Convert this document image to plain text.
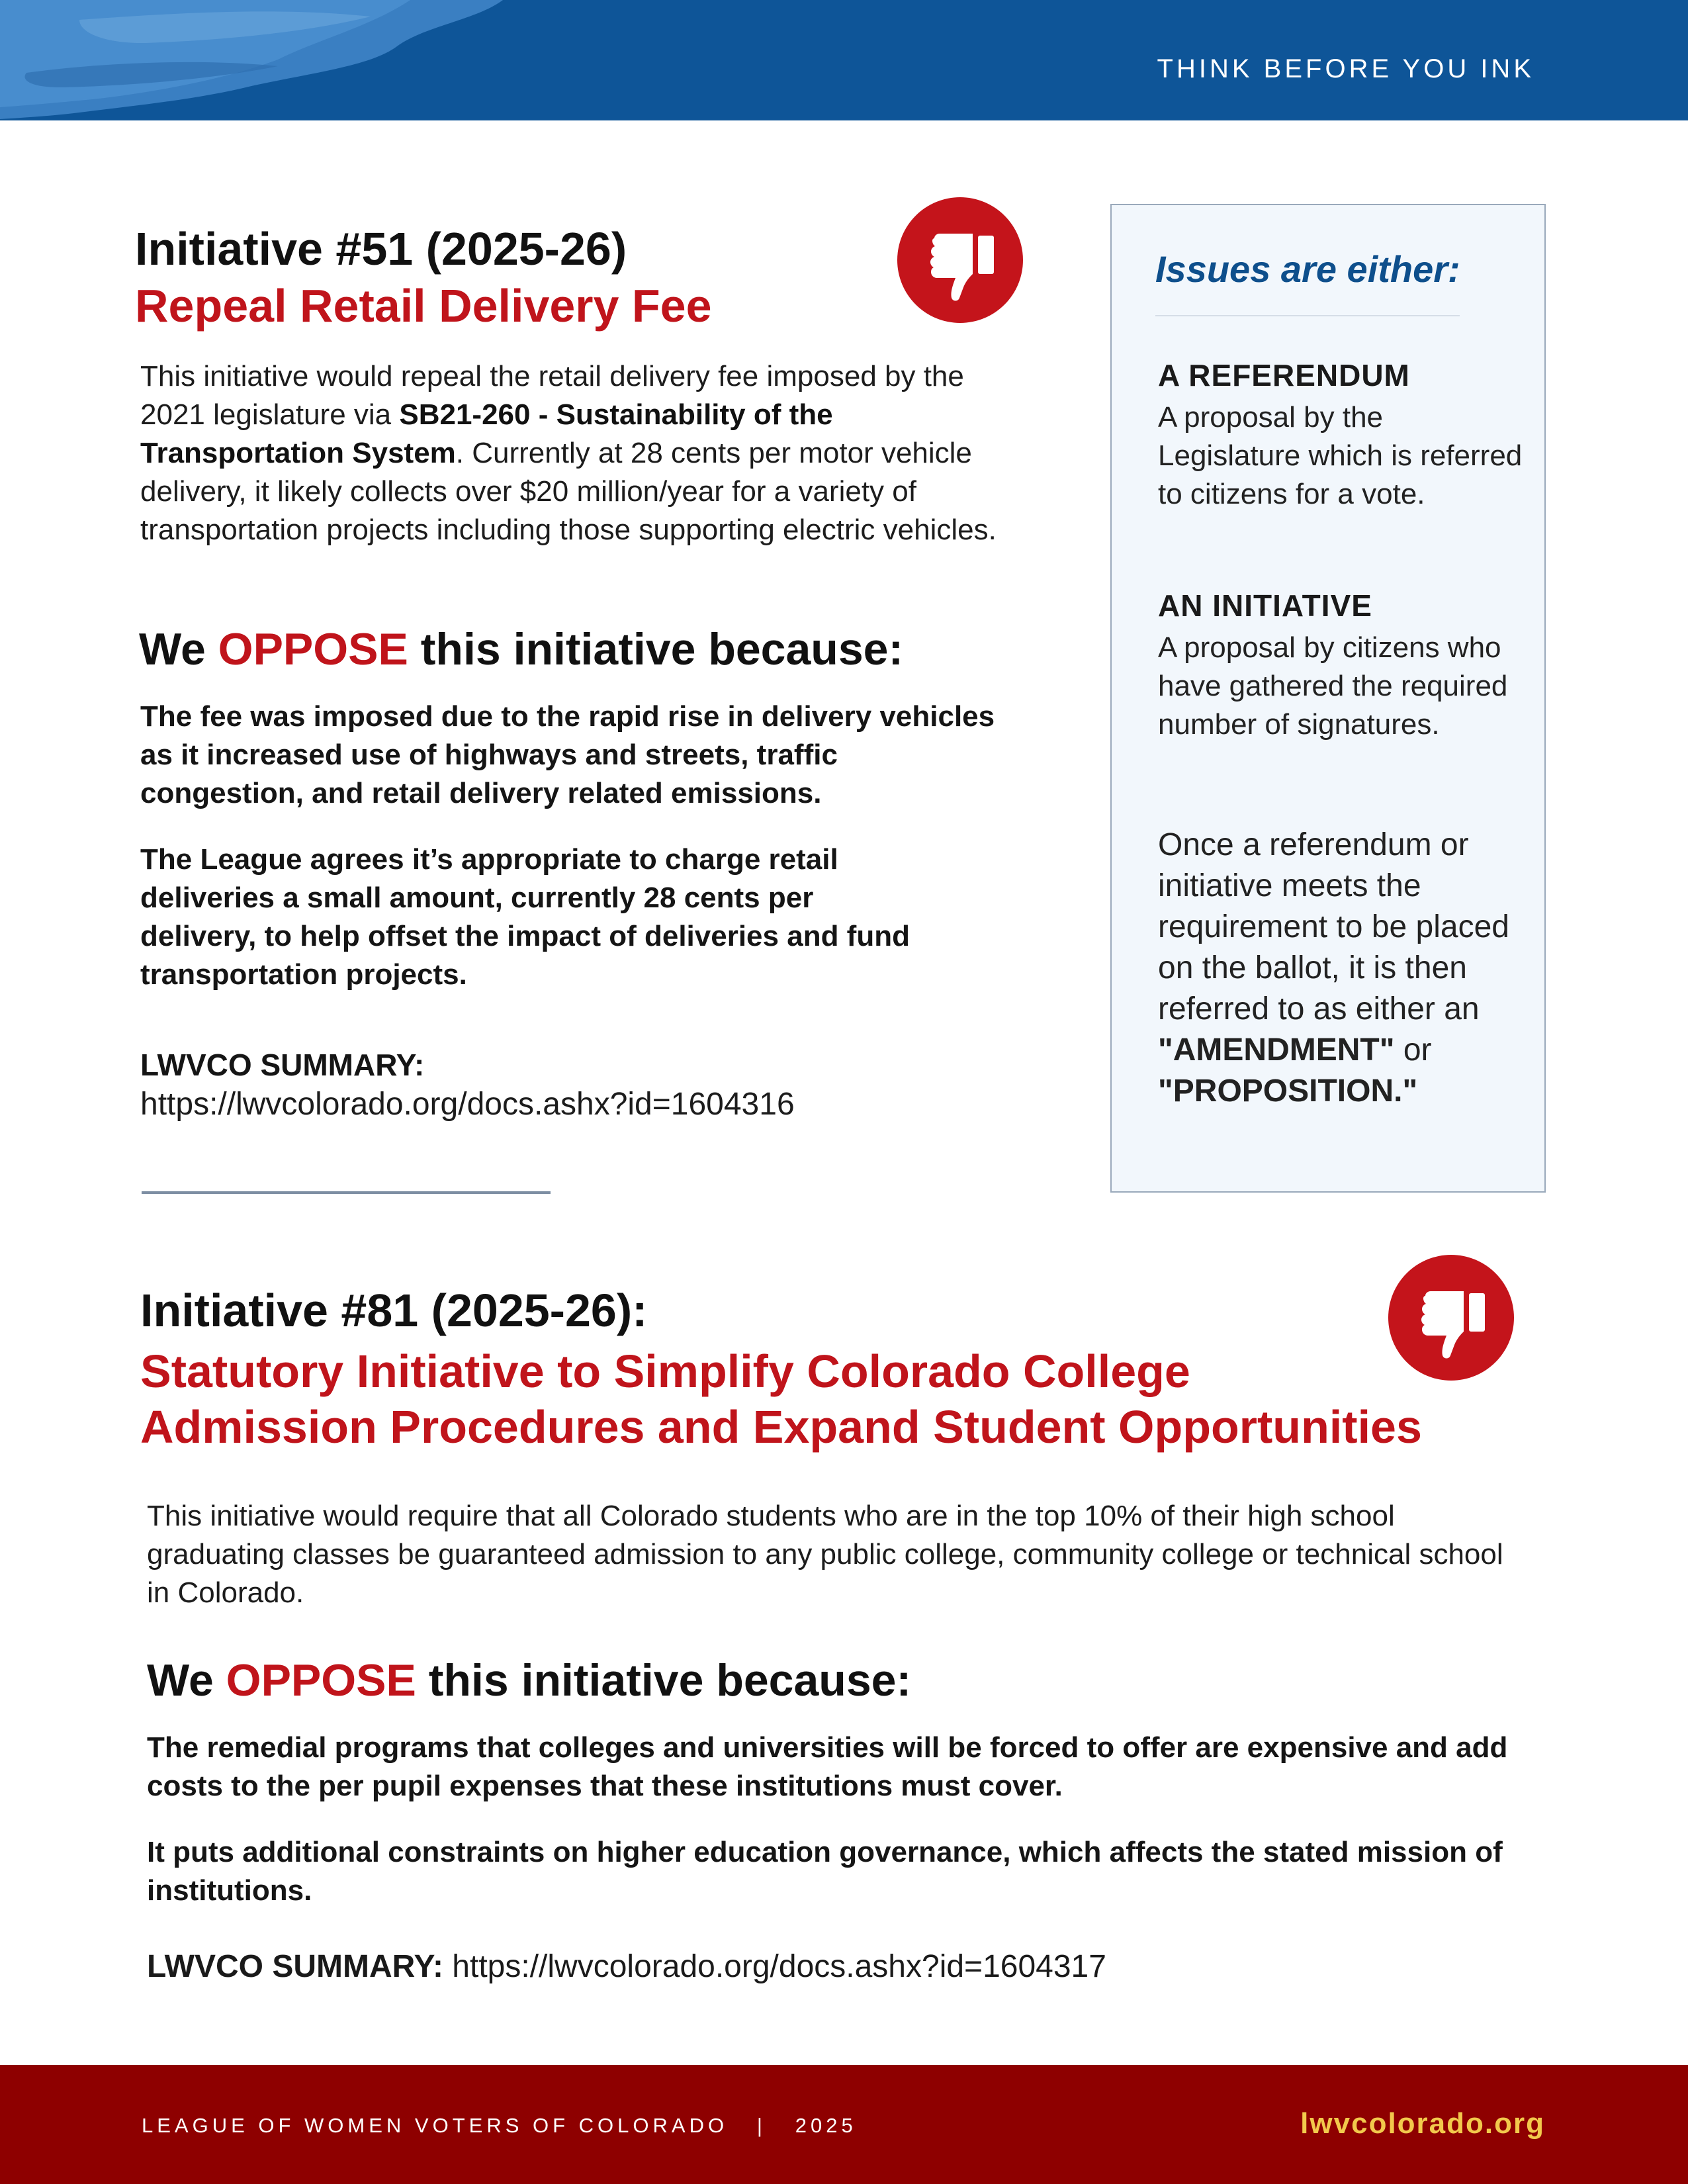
THINK BEFORE YOU INK
Initiative #51 (2025-26)
Repeal Retail Delivery Fee
This initiative would repeal the retail delivery fee imposed by the 2021 legislature via SB21-260 - Sustainability of the Transportation System. Currently at 28 cents per motor vehicle delivery, it likely collects over $20 million/year for a variety of transportation projects including those supporting electric vehicles.
We OPPOSE this initiative because:
The fee was imposed due to the rapid rise in delivery vehicles as it increased use of highways and streets, traffic congestion, and retail delivery related emissions.
The League agrees it’s appropriate to charge retail deliveries a small amount, currently 28 cents per delivery, to help offset the impact of deliveries and fund transportation projects.
LWVCO SUMMARY:
https://lwvcolorado.org/docs.ashx?id=1604316
Issues are either:
A REFERENDUM
A proposal by the Legislature which is referred to citizens for a vote.
AN INITIATIVE
A proposal by citizens who have gathered the required number of signatures.
Once a referendum or initiative meets the requirement to be placed on the ballot, it is then referred to as either an "AMENDMENT" or "PROPOSITION."
Initiative #81 (2025-26):
Statutory Initiative to Simplify Colorado College
Admission Procedures and Expand Student Opportunities
This initiative would require that all Colorado students who are in the top 10% of their high school graduating classes be guaranteed admission to any public college, community college or technical school in Colorado.
We OPPOSE this initiative because:
The remedial programs that colleges and universities will be forced to offer are expensive and add costs to the per pupil expenses that these institutions must cover.
It puts additional constraints on higher education governance, which affects the stated mission of institutions.
LWVCO SUMMARY: https://lwvcolorado.org/docs.ashx?id=1604317
LEAGUE OF WOMEN VOTERS OF COLORADO   |   2025	lwvcolorado.org
